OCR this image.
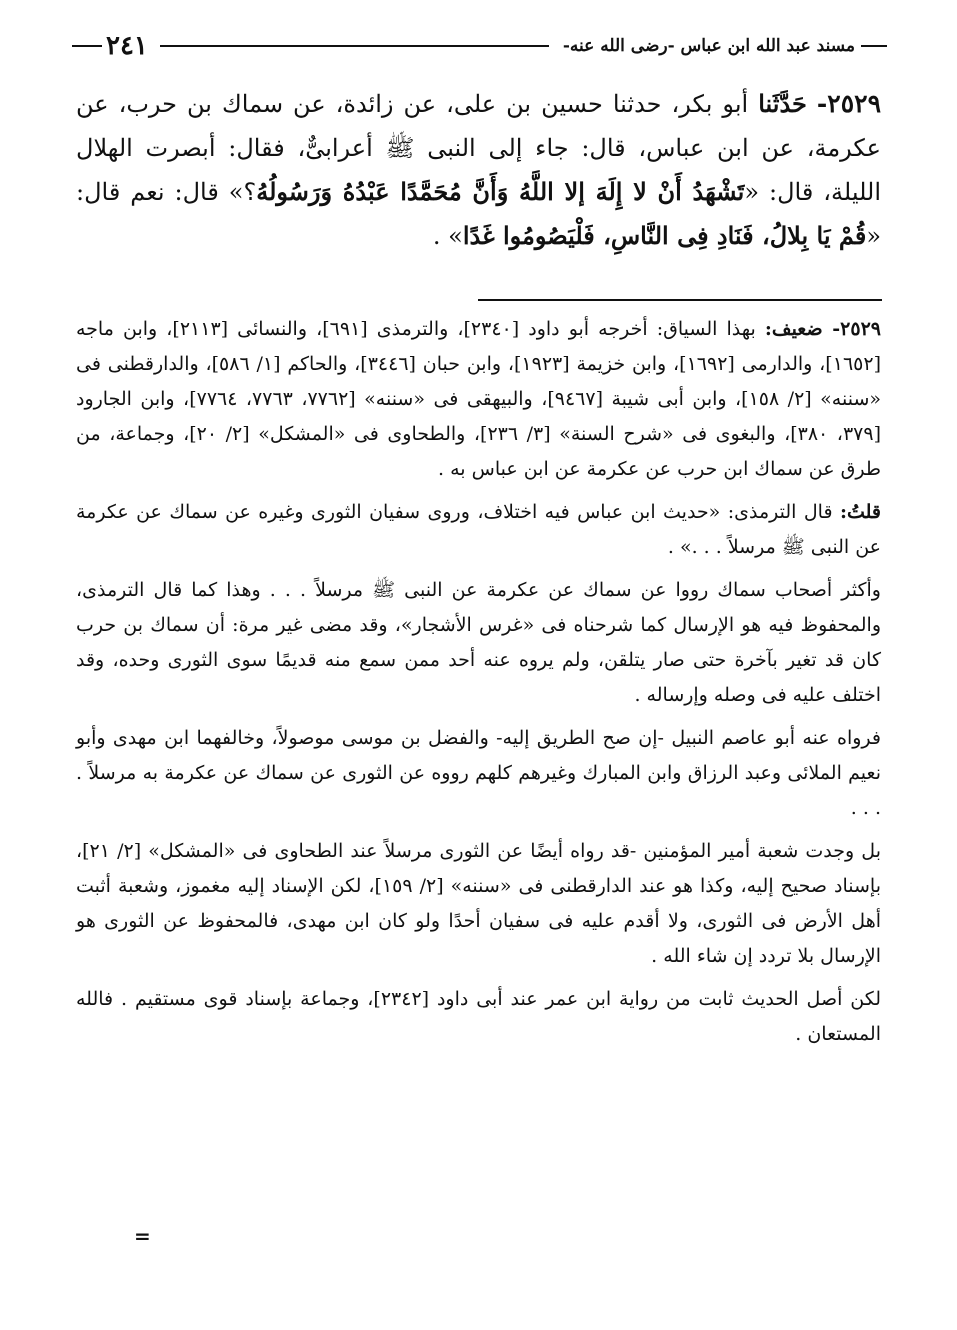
مسند عبد الله ابن عباس -رضى الله عنه-
٢٤١
٢٥٢٩- حَدَّثَنا أبو بكر، حدثنا حسين بن على، عن زائدة، عن سماك بن حرب، عن عكرمة، عن ابن عباس، قال: جاء إلى النبى ﷺ أعرابىٌّ، فقال: أبصرت الهلال الليلة، قال: «تَشْهَدُ أَنْ لا إِلَهَ إلا اللَّهُ وَأَنَّ مُحَمَّدًا عَبْدُهُ وَرَسُولُهُ؟» قال: نعم قال: «قُمْ يَا بِلالُ، فَنَادِ فِى النَّاسِ، فَلْيَصُومُوا غَدًا» .

٢٥٢٩- ضعيف: بهذا السياق: أخرجه أبو داود [٢٣٤٠]، والترمذى [٦٩١]، والنسائى [٢١١٣]، وابن ماجه [١٦٥٢]، والدارمى [١٦٩٢]، وابن خزيمة [١٩٢٣]، وابن حبان [٣٤٤٦]، والحاكم [١/ ٥٨٦]، والدارقطنى فى «سننه» [٢/ ١٥٨]، وابن أبى شيبة [٩٤٦٧]، والبيهقى فى «سننه» [٧٧٦٢، ٧٧٦٣، ٧٧٦٤]، وابن الجارود [٣٧٩، ٣٨٠]، والبغوى فى «شرح السنة» [٣/ ٢٣٦]، والطحاوى فى «المشكل» [٢/ ٢٠]، وجماعة، من طرق عن سماك ابن حرب عن عكرمة عن ابن عباس به .

قلتُ: قال الترمذى: «حديث ابن عباس فيه اختلاف، وروى سفيان الثورى وغيره عن سماك عن عكرمة عن النبى ﷺ مرسلاً . . .» .

وأكثر أصحاب سماك رووا عن سماك عن عكرمة عن النبى ﷺ مرسلاً . . . وهذا كما قال الترمذى، والمحفوظ فيه هو الإرسال كما شرحناه فى «غرس الأشجار»، وقد مضى غير مرة: أن سماك بن حرب كان قد تغير بآخرة حتى صار يتلقن، ولم يروه عنه أحد ممن سمع منه قديمًا سوى الثورى وحده، وقد اختلف عليه فى وصله وإرساله .

فرواه عنه أبو عاصم النبيل -إن صح الطريق إليه- والفضل بن موسى موصولاً، وخالفهما ابن مهدى وأبو نعيم الملائى وعبد الرزاق وابن المبارك وغيرهم كلهم رووه عن الثورى عن سماك عن عكرمة به مرسلاً . . . .

بل وجدت شعبة أمير المؤمنين -قد رواه أيضًا عن الثورى مرسلاً عند الطحاوى فى «المشكل» [٢/ ٢١]، بإسناد صحيح إليه، وكذا هو عند الدارقطنى فى «سننه» [٢/ ١٥٩]، لكن الإسناد إليه مغموز، وشعبة أثبت أهل الأرض فى الثورى، ولا أقدم عليه فى سفيان أحدًا ولو كان ابن مهدى، فالمحفوظ عن الثورى هو الإرسال بلا تردد إن شاء الله .

لكن أصل الحديث ثابت من رواية ابن عمر عند أبى داود [٢٣٤٢]، وجماعة بإسناد قوى مستقيم . فالله المستعان .

=
